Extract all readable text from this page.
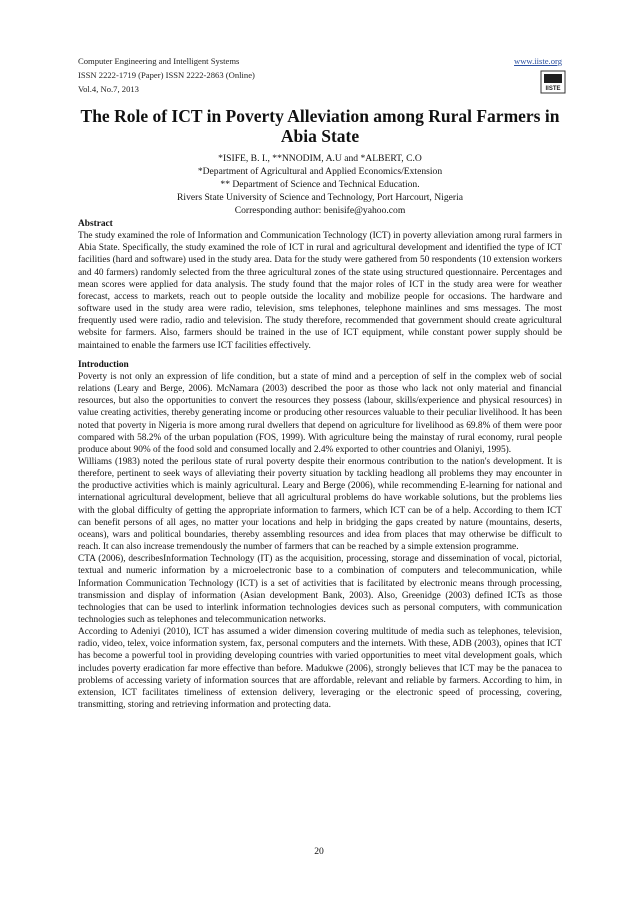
Computer Engineering and Intelligent Systems
ISSN 2222-1719 (Paper) ISSN 2222-2863 (Online)
Vol.4, No.7, 2013
www.iiste.org
IISTE
The Role of ICT in Poverty Alleviation among Rural Farmers in Abia State
*ISIFE, B. I., **NNODIM, A.U and *ALBERT, C.O
*Department of Agricultural and Applied Economics/Extension
** Department of Science and Technical Education.
Rivers State University of Science and Technology, Port Harcourt, Nigeria
Corresponding author: benisife@yahoo.com
Abstract

The study examined the role of Information and Communication Technology (ICT) in poverty alleviation among rural farmers in Abia State. Specifically, the study examined the role of ICT in rural and agricultural development and identified the type of ICT facilities (hard and software) used in the study area. Data for the study were gathered from 50 respondents (10 extension workers and 40 farmers) randomly selected from the three agricultural zones of the state using structured questionnaire. Percentages and mean scores were applied for data analysis. The study found that the major roles of ICT in the study area were for weather forecast, access to markets, reach out to people outside the locality and mobilize people for occasions. The hardware and software used in the study area were radio, television, sms telephones, telephone mainlines and sms messages. The most frequently used were radio, radio and television. The study therefore, recommended that government should create agricultural website for farmers. Also, farmers should be trained in the use of ICT equipment, while constant power supply should be maintained to enable the farmers use ICT facilities effectively.

Introduction

Poverty is not only an expression of life condition, but a state of mind and a perception of self in the complex web of social relations (Leary and Berge, 2006). McNamara (2003) described the poor as those who lack not only material and financial resources, but also the opportunities to convert the resources they possess (labour, skills/experience and physical resources) in value creating activities, thereby generating income or producing other resources valuable to their peculiar livelihood. It has been noted that poverty in Nigeria is more among rural dwellers that depend on agriculture for livelihood as 69.8% of them were poor compared with 58.2% of the urban population (FOS, 1999). With agriculture being the mainstay of rural economy, rural people produce about 90% of the food sold and consumed locally and 2.4% exported to other countries and Olaniyi, 1995).

Williams (1983) noted the perilous state of rural poverty despite their enormous contribution to the nation's development. It is therefore, pertinent to seek ways of alleviating their poverty situation by tackling headlong all problems they may encounter in the productive activities which is mainly agricultural. Leary and Berge (2006), while recommending E-learning for national and international agricultural development, believe that all agricultural problems do have workable solutions, but the problems lies with the global difficulty of getting the appropriate information to farmers, which ICT can be of a help. According to them ICT can benefit persons of all ages, no matter your locations and help in bridging the gaps created by nature (mountains, deserts, oceans), wars and political boundaries, thereby assembling resources and idea from places that may otherwise be difficult to reach. It can also increase tremendously the number of farmers that can be reached by a simple extension programme.

CTA (2006), describesInformation Technology (IT) as the acquisition, processing, storage and dissemination of vocal, pictorial, textual and numeric information by a microelectronic base to a combination of computers and telecommunication, while Information Communication Technology (ICT) is a set of activities that is facilitated by electronic means through processing, transmission and display of information (Asian development Bank, 2003). Also, Greenidge (2003) defined ICTs as those technologies that can be used to interlink information technologies devices such as personal computers, with communication technologies such as telephones and telecommunication networks.

According to Adeniyi (2010), ICT has assumed a wider dimension covering multitude of media such as telephones, television, radio, video, telex, voice information system, fax, personal computers and the internets. With these, ADB (2003), opines that ICT has become a powerful tool in providing developing countries with varied opportunities to meet vital development goals, which includes poverty eradication far more effective than before. Madukwe (2006), strongly believes that ICT may be the panacea to problems of accessing variety of information sources that are affordable, relevant and reliable by farmers. According to him, in extension, ICT facilitates timeliness of extension delivery, leveraging or the electronic speed of processing, covering, transmitting, storing and retrieving information and protecting data.

20
